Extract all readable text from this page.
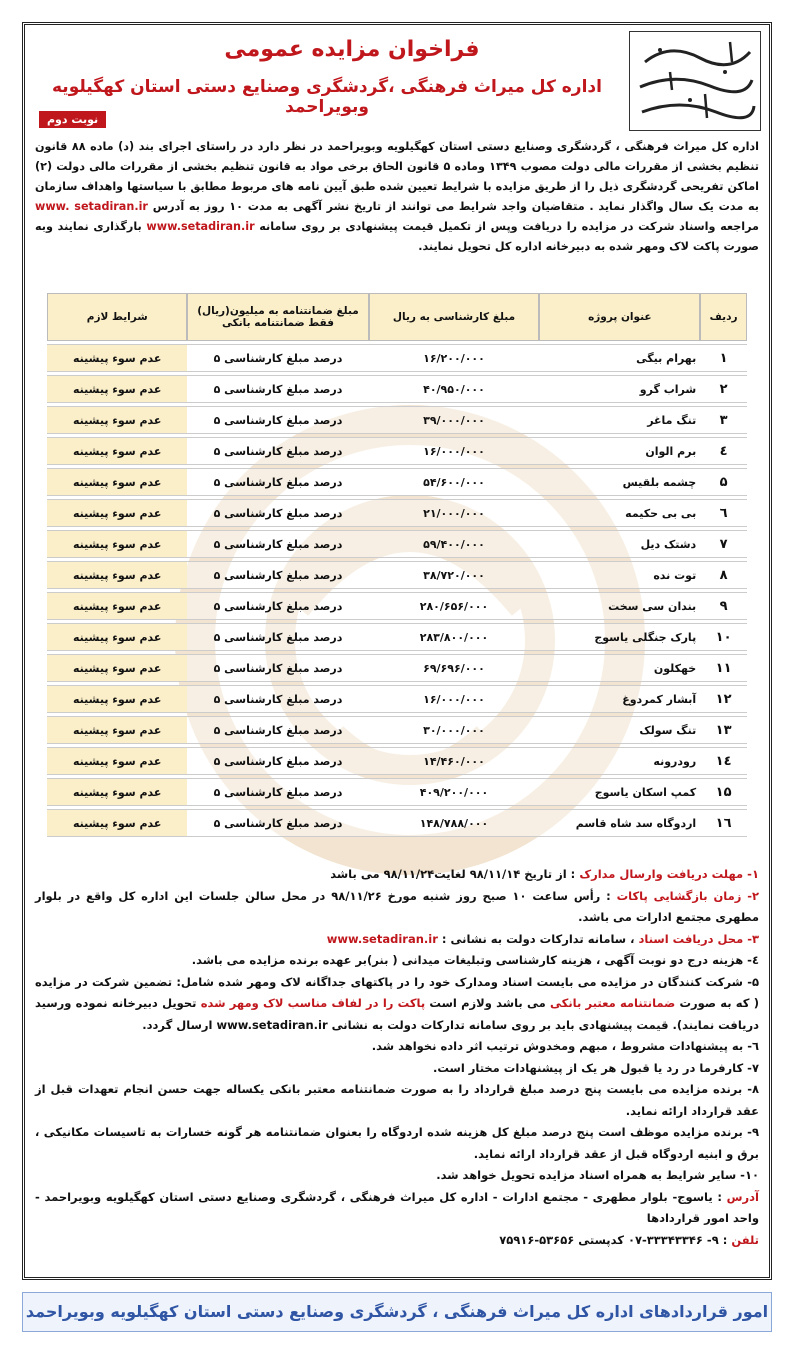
فراخوان مزایده عمومی
اداره کل میراث فرهنگی ،گردشگری وصنایع دستی استان کهگیلویه وبویراحمد
نوبت دوم
اداره کل میراث فرهنگی ، گردشگری وصنایع دستی استان کهگیلویه وبویراحمد در نظر دارد در راستای اجرای بند (د) ماده ۸۸ قانون تنظیم بخشی از مقررات مالی دولت مصوب ۱۳۴۹ وماده ۵ قانون الحاق برخی مواد به قانون تنظیم بخشی از مقررات مالی دولت (۲) اماکن تفریحی گردشگری ذیل را از طریق مزایده با شرایط تعیین شده طبق آیین نامه های مربوط مطابق با سیاستها واهداف سازمان به مدت یک سال واگذار نماید . متقاضیان واجد شرایط می توانند از تاریخ نشر آگهی به مدت ۱۰ روز به آدرس www. setadiran.ir مراجعه واسناد شرکت در مزایده را دریافت وپس از تکمیل قیمت پیشنهادی بر روی سامانه www.setadiran.ir بارگذاری نمایند وبه صورت پاکت لاک ومهر شده به دبیرخانه اداره کل تحویل نمایند.
ردیف	عنوان پروژه	مبلغ کارشناسی به ریال	مبلغ ضمانتنامه به میلیون(ریال) فقط ضمانتنامه بانکی	شرایط لازم
۱	بهرام بیگی	۱۶/۲۰۰/۰۰۰	درصد مبلغ کارشناسی ۵	عدم سوء پیشینه
۲	شراب گرو	۴۰/۹۵۰/۰۰۰	درصد مبلغ کارشناسی ۵	عدم سوء پیشینه
۳	تنگ ماغر	۳۹/۰۰۰/۰۰۰	درصد مبلغ کارشناسی ۵	عدم سوء پیشینه
٤	برم الوان	۱۶/۰۰۰/۰۰۰	درصد مبلغ کارشناسی ۵	عدم سوء پیشینه
۵	چشمه بلقیس	۵۴/۶۰۰/۰۰۰	درصد مبلغ کارشناسی ۵	عدم سوء پیشینه
٦	بی بی حکیمه	۲۱/۰۰۰/۰۰۰	درصد مبلغ کارشناسی ۵	عدم سوء پیشینه
۷	دشتک دیل	۵۹/۴۰۰/۰۰۰	درصد مبلغ کارشناسی ۵	عدم سوء پیشینه
۸	توت نده	۳۸/۷۲۰/۰۰۰	درصد مبلغ کارشناسی ۵	عدم سوء پیشینه
۹	بندان سی سخت	۲۸۰/۶۵۶/۰۰۰	درصد مبلغ کارشناسی ۵	عدم سوء پیشینه
۱۰	پارک جنگلی یاسوج	۲۸۳/۸۰۰/۰۰۰	درصد مبلغ کارشناسی ۵	عدم سوء پیشینه
۱۱	خهکلون	۶۹/۶۹۶/۰۰۰	درصد مبلغ کارشناسی ۵	عدم سوء پیشینه
۱۲	آبشار کمردوغ	۱۶/۰۰۰/۰۰۰	درصد مبلغ کارشناسی ۵	عدم سوء پیشینه
۱۳	تنگ سولک	۳۰/۰۰۰/۰۰۰	درصد مبلغ کارشناسی ۵	عدم سوء پیشینه
۱٤	رودرونه	۱۴/۴۶۰/۰۰۰	درصد مبلغ کارشناسی ۵	عدم سوء پیشینه
۱۵	کمپ اسکان یاسوج	۴۰۹/۲۰۰/۰۰۰	درصد مبلغ کارشناسی ۵	عدم سوء پیشینه
۱٦	اردوگاه سد شاه قاسم	۱۴۸/۷۸۸/۰۰۰	درصد مبلغ کارشناسی ۵	عدم سوء پیشینه

۱- مهلت دریافت وارسال مدارک : از تاریخ ۹۸/۱۱/۱۴ لغایت۹۸/۱۱/۲۴ می باشد

۲- زمان بازگشایی پاکات : رأس ساعت ۱۰ صبح روز شنبه مورخ ۹۸/۱۱/۲۶ در محل سالن جلسات این اداره کل واقع در بلوار مطهری مجتمع ادارات می باشد.

۳- محل دریافت اسناد ، سامانه تدارکات دولت به نشانی : www.setadiran.ir

٤- هزینه درج دو نوبت آگهی ، هزینه کارشناسی وتبلیغات میدانی ( بنر)بر عهده برنده مزایده می باشد.

۵- شرکت کنندگان در مزایده می بایست اسناد ومدارک خود را در پاکتهای جداگانه لاک ومهر شده شامل: تضمین شرکت در مزایده ( که به صورت ضمانتنامه معتبر بانکی می باشد ولازم است پاکت را در لفاف مناسب لاک ومهر شده تحویل دبیرخانه نموده ورسید دریافت نمایند). قیمت پیشنهادی باید بر روی سامانه تدارکات دولت به نشانی www.setadiran.ir ارسال گردد.

٦- به پیشنهادات مشروط ، مبهم ومخدوش ترتیب اثر داده نخواهد شد.

۷- کارفرما در رد یا قبول هر یک از پیشنهادات مختار است.

۸- برنده مزایده می بایست پنج درصد مبلغ قرارداد را به صورت ضمانتنامه معتبر بانکی یکساله جهت حسن انجام تعهدات قبل از عقد قرارداد ارائه نماید.

۹- برنده مزایده موظف است پنج درصد مبلغ کل هزینه شده اردوگاه را بعنوان ضمانتنامه هر گونه خسارات به تاسیسات مکانیکی ، برق و ابنیه اردوگاه قبل از عقد قرارداد ارائه نماید.

۱۰- سایر شرایط به همراه اسناد مزایده تحویل خواهد شد.

آدرس : یاسوج- بلوار مطهری - مجتمع ادارات - اداره کل میراث فرهنگی ، گردشگری وصنایع دستی استان کهگیلویه وبویراحمد - واحد امور قراردادها

تلفن : ۹- ۳۳۳۴۳۳۴۶-۰۷ کدپستی ۵۳۶۵۶-۷۵۹۱۶

امور قراردادهای اداره کل میراث فرهنگی ، گردشگری وصنایع دستی استان کهگیلویه وبویراحمد
